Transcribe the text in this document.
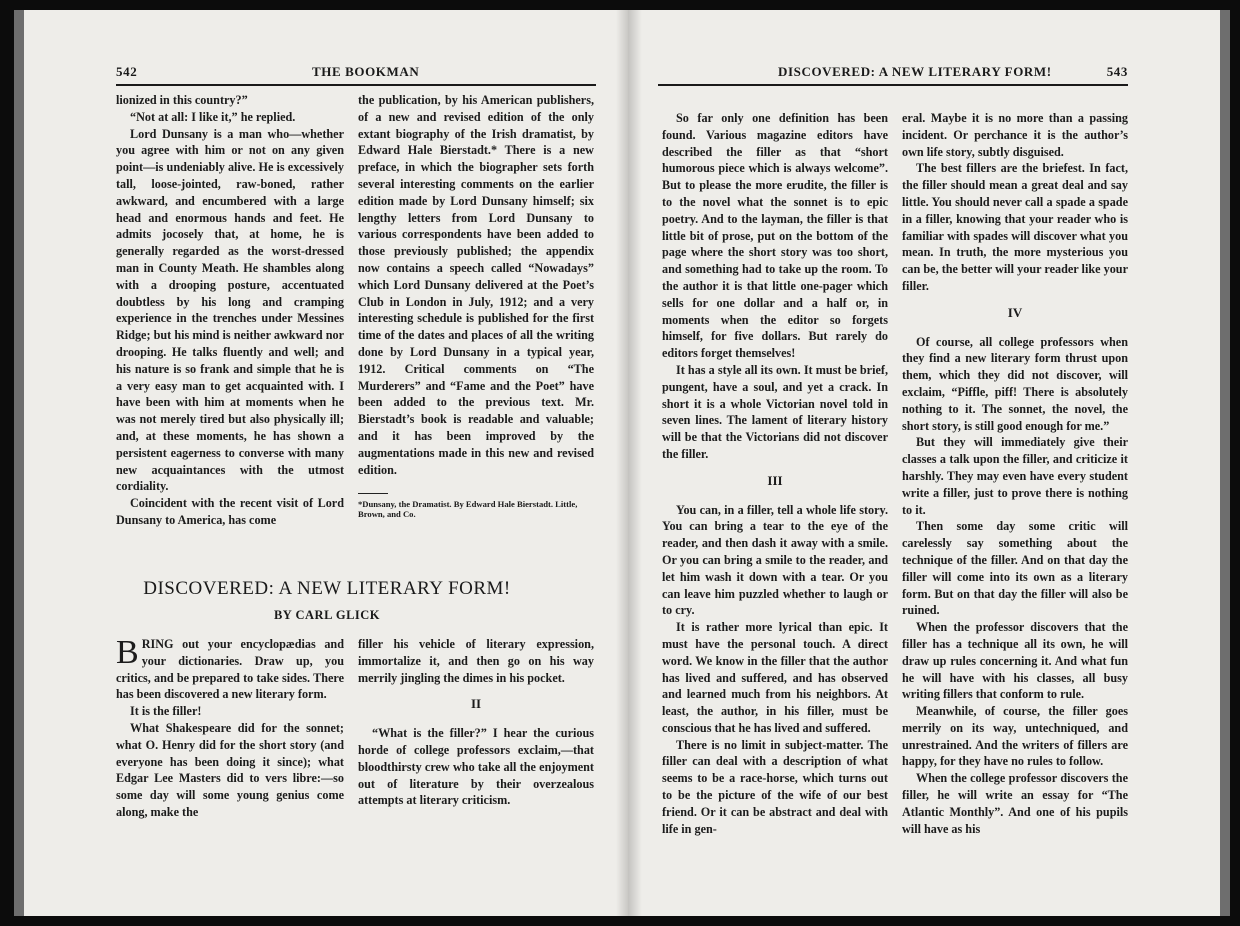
542	THE BOOKMAN

lionized in this country?”

“Not at all: I like it,” he replied.

Lord Dunsany is a man who—whether you agree with him or not on any given point—is undeniably alive. He is excessively tall, loose-jointed, raw-boned, rather awkward, and encumbered with a large head and enormous hands and feet. He admits jocosely that, at home, he is generally regarded as the worst-dressed man in County Meath. He shambles along with a drooping posture, accentuated doubtless by his long and cramping experience in the trenches under Messines Ridge; but his mind is neither awkward nor drooping. He talks fluently and well; and his nature is so frank and simple that he is a very easy man to get acquainted with. I have been with him at moments when he was not merely tired but also physically ill; and, at these moments, he has shown a persistent eagerness to converse with many new acquaintances with the utmost cordiality.

Coincident with the recent visit of Lord Dunsany to America, has come

the publication, by his American publishers, of a new and revised edition of the only extant biography of the Irish dramatist, by Edward Hale Bierstadt.* There is a new preface, in which the biographer sets forth several interesting comments on the earlier edition made by Lord Dunsany himself; six lengthy letters from Lord Dunsany to various correspondents have been added to those previously published; the appendix now contains a speech called “Nowadays” which Lord Dunsany delivered at the Poet’s Club in London in July, 1912; and a very interesting schedule is published for the first time of the dates and places of all the writing done by Lord Dunsany in a typical year, 1912. Critical comments on “The Murderers” and “Fame and the Poet” have been added to the previous text. Mr. Bierstadt’s book is readable and valuable; and it has been improved by the augmentations made in this new and revised edition.

*Dunsany, the Dramatist. By Edward Hale Bierstadt. Little, Brown, and Co.
DISCOVERED: A NEW LITERARY FORM!
BY CARL GLICK
B RING out your encyclopædias and your dictionaries. Draw up, you critics, and be prepared to take sides. There has been discovered a new literary form.

It is the filler!

What Shakespeare did for the sonnet; what O. Henry did for the short story (and everyone has been doing it since); what Edgar Lee Masters did to vers libre:—so some day will some young genius come along, make the

filler his vehicle of literary expression, immortalize it, and then go on his way merrily jingling the dimes in his pocket.

II

“What is the filler?” I hear the curious horde of college professors exclaim,—that bloodthirsty crew who take all the enjoyment out of literature by their overzealous attempts at literary criticism.

DISCOVERED: A NEW LITERARY FORM!	543

So far only one definition has been found. Various magazine editors have described the filler as that “short humorous piece which is always welcome”. But to please the more erudite, the filler is to the novel what the sonnet is to epic poetry. And to the layman, the filler is that little bit of prose, put on the bottom of the page where the short story was too short, and something had to take up the room. To the author it is that little one-pager which sells for one dollar and a half or, in moments when the editor so forgets himself, for five dollars. But rarely do editors forget themselves!

It has a style all its own. It must be brief, pungent, have a soul, and yet a crack. In short it is a whole Victorian novel told in seven lines. The lament of literary history will be that the Victorians did not discover the filler.

III

You can, in a filler, tell a whole life story. You can bring a tear to the eye of the reader, and then dash it away with a smile. Or you can bring a smile to the reader, and let him wash it down with a tear. Or you can leave him puzzled whether to laugh or to cry.

It is rather more lyrical than epic. It must have the personal touch. A direct word. We know in the filler that the author has lived and suffered, and has observed and learned much from his neighbors. At least, the author, in his filler, must be conscious that he has lived and suffered.

There is no limit in subject-matter. The filler can deal with a description of what seems to be a race-horse, which turns out to be the picture of the wife of our best friend. Or it can be abstract and deal with life in gen-

eral. Maybe it is no more than a passing incident. Or perchance it is the author’s own life story, subtly disguised.

The best fillers are the briefest. In fact, the filler should mean a great deal and say little. You should never call a spade a spade in a filler, knowing that your reader who is familiar with spades will discover what you mean. In truth, the more mysterious you can be, the better will your reader like your filler.

IV

Of course, all college professors when they find a new literary form thrust upon them, which they did not discover, will exclaim, “Piffle, piff! There is absolutely nothing to it. The sonnet, the novel, the short story, is still good enough for me.”

But they will immediately give their classes a talk upon the filler, and criticize it harshly. They may even have every student write a filler, just to prove there is nothing to it.

Then some day some critic will carelessly say something about the technique of the filler. And on that day the filler will come into its own as a literary form. But on that day the filler will also be ruined.

When the professor discovers that the filler has a technique all its own, he will draw up rules concerning it. And what fun he will have with his classes, all busy writing fillers that conform to rule.

Meanwhile, of course, the filler goes merrily on its way, untechniqued, and unrestrained. And the writers of fillers are happy, for they have no rules to follow.

When the college professor discovers the filler, he will write an essay for “The Atlantic Monthly”. And one of his pupils will have as his
